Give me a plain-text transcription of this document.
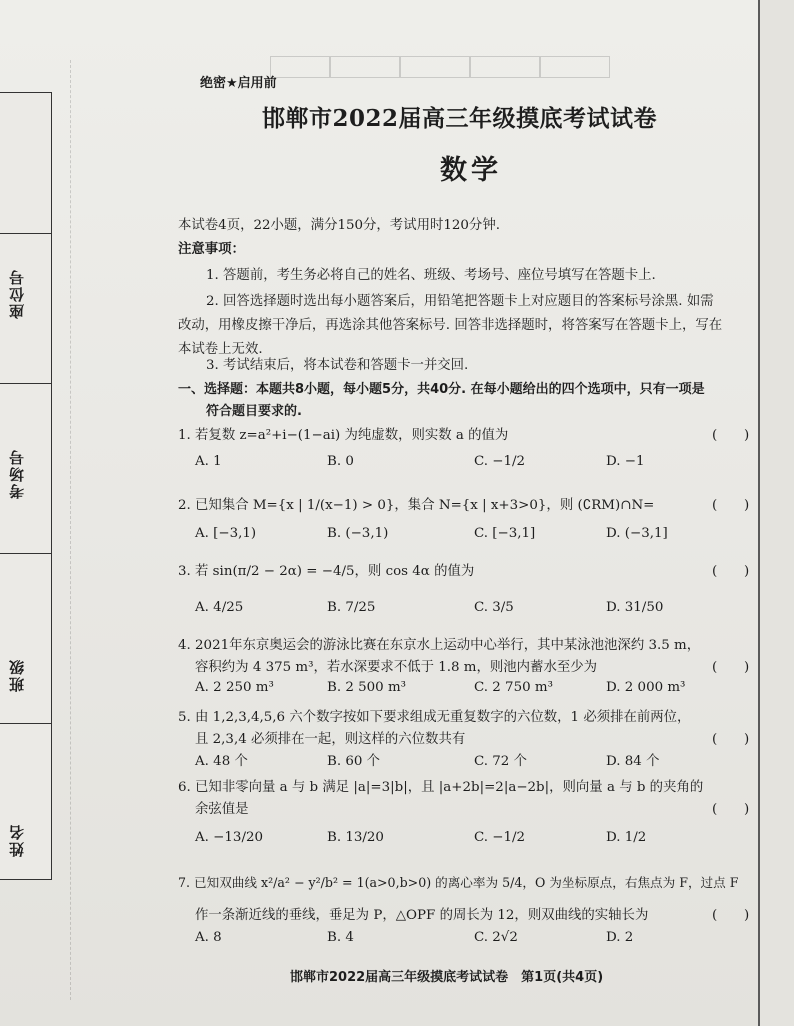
座位号
考场号
班级
姓名
绝密★启用前
邯郸市2022届高三年级摸底考试试卷
数学
本试卷4页，22小题，满分150分，考试用时120分钟.
注意事项：
1. 答题前，考生务必将自己的姓名、班级、考场号、座位号填写在答题卡上.
2. 回答选择题时选出每小题答案后，用铅笔把答题卡上对应题目的答案标号涂黑. 如需
改动，用橡皮擦干净后，再选涂其他答案标号. 回答非选择题时，将答案写在答题卡上，写在
本试卷上无效.
3. 考试结束后，将本试卷和答题卡一并交回.
一、选择题：本题共8小题，每小题5分，共40分. 在每小题给出的四个选项中，只有一项是
符合题目要求的.
1. 若复数 z=a²+i−(1−ai) 为纯虚数，则实数 a 的值为	(　　)
A. 1	B. 0	C. −1/2	D. −1
2. 已知集合 M={x | 1/(x−1) > 0}，集合 N={x | x+3>0}，则 (∁RM)∩N=	(　　)
A. [−3,1)	B. (−3,1)	C. [−3,1]	D. (−3,1]
3. 若 sin(π/2 − 2α) = −4/5，则 cos 4α 的值为	(　　)
A. 4/25	B. 7/25	C. 3/5	D. 31/50
4. 2021年东京奥运会的游泳比赛在东京水上运动中心举行，其中某泳池池深约 3.5 m，
容积约为 4 375 m³，若水深要求不低于 1.8 m，则池内蓄水至少为	(　　)
A. 2 250 m³	B. 2 500 m³	C. 2 750 m³	D. 2 000 m³
5. 由 1,2,3,4,5,6 六个数字按如下要求组成无重复数字的六位数，1 必须排在前两位，
且 2,3,4 必须排在一起，则这样的六位数共有	(　　)
A. 48 个	B. 60 个	C. 72 个	D. 84 个
6. 已知非零向量 a 与 b 满足 |a|=3|b|，且 |a+2b|=2|a−2b|，则向量 a 与 b 的夹角的
余弦值是	(　　)
A. −13/20	B. 13/20	C. −1/2	D. 1/2
7. 已知双曲线 x²/a² − y²/b² = 1(a>0,b>0) 的离心率为 5/4，O 为坐标原点，右焦点为 F，过点 F
作一条渐近线的垂线，垂足为 P，△OPF 的周长为 12，则双曲线的实轴长为	(　　)
A. 8	B. 4	C. 2√2	D. 2
邯郸市2022届高三年级摸底考试试卷　第1页(共4页)
